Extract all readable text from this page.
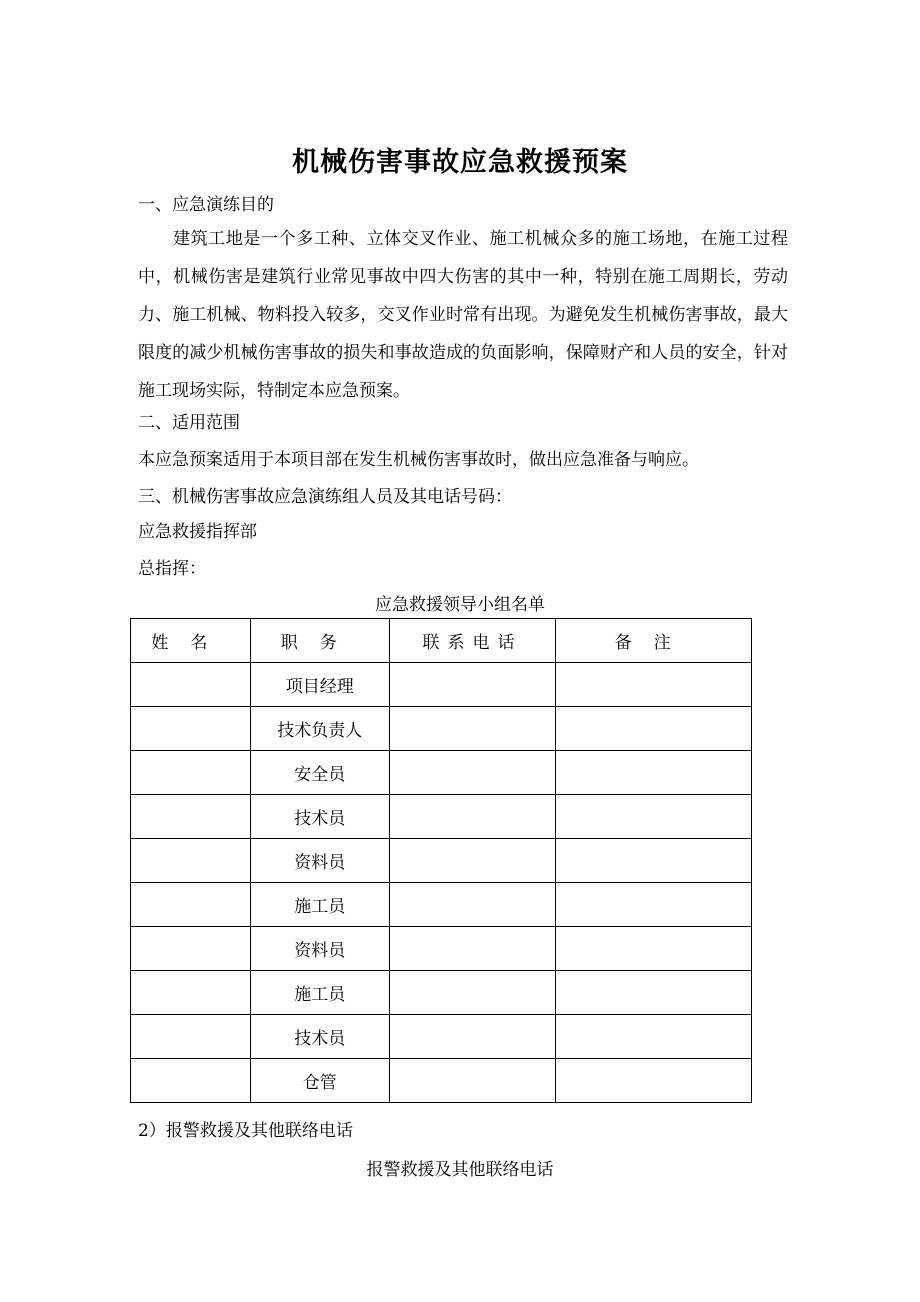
机械伤害事故应急救援预案
一、应急演练目的
建筑工地是一个多工种、立体交叉作业、施工机械众多的施工场地，在施工过程中，机械伤害是建筑行业常见事故中四大伤害的其中一种，特别在施工周期长，劳动力、施工机械、物料投入较多，交叉作业时常有出现。为避免发生机械伤害事故，最大限度的减少机械伤害事故的损失和事故造成的负面影响，保障财产和人员的安全，针对施工现场实际，特制定本应急预案。
二、适用范围
本应急预案适用于本项目部在发生机械伤害事故时，做出应急准备与响应。
三、机械伤害事故应急演练组人员及其电话号码：
应急救援指挥部
总指挥：
应急救援领导小组名单
姓名	职务	联系电话	备注
	项目经理		
	技术负责人		
	安全员		
	技术员		
	资料员		
	施工员		
	资料员		
	施工员		
	技术员		
	仓管		
2）报警救援及其他联络电话
报警救援及其他联络电话
